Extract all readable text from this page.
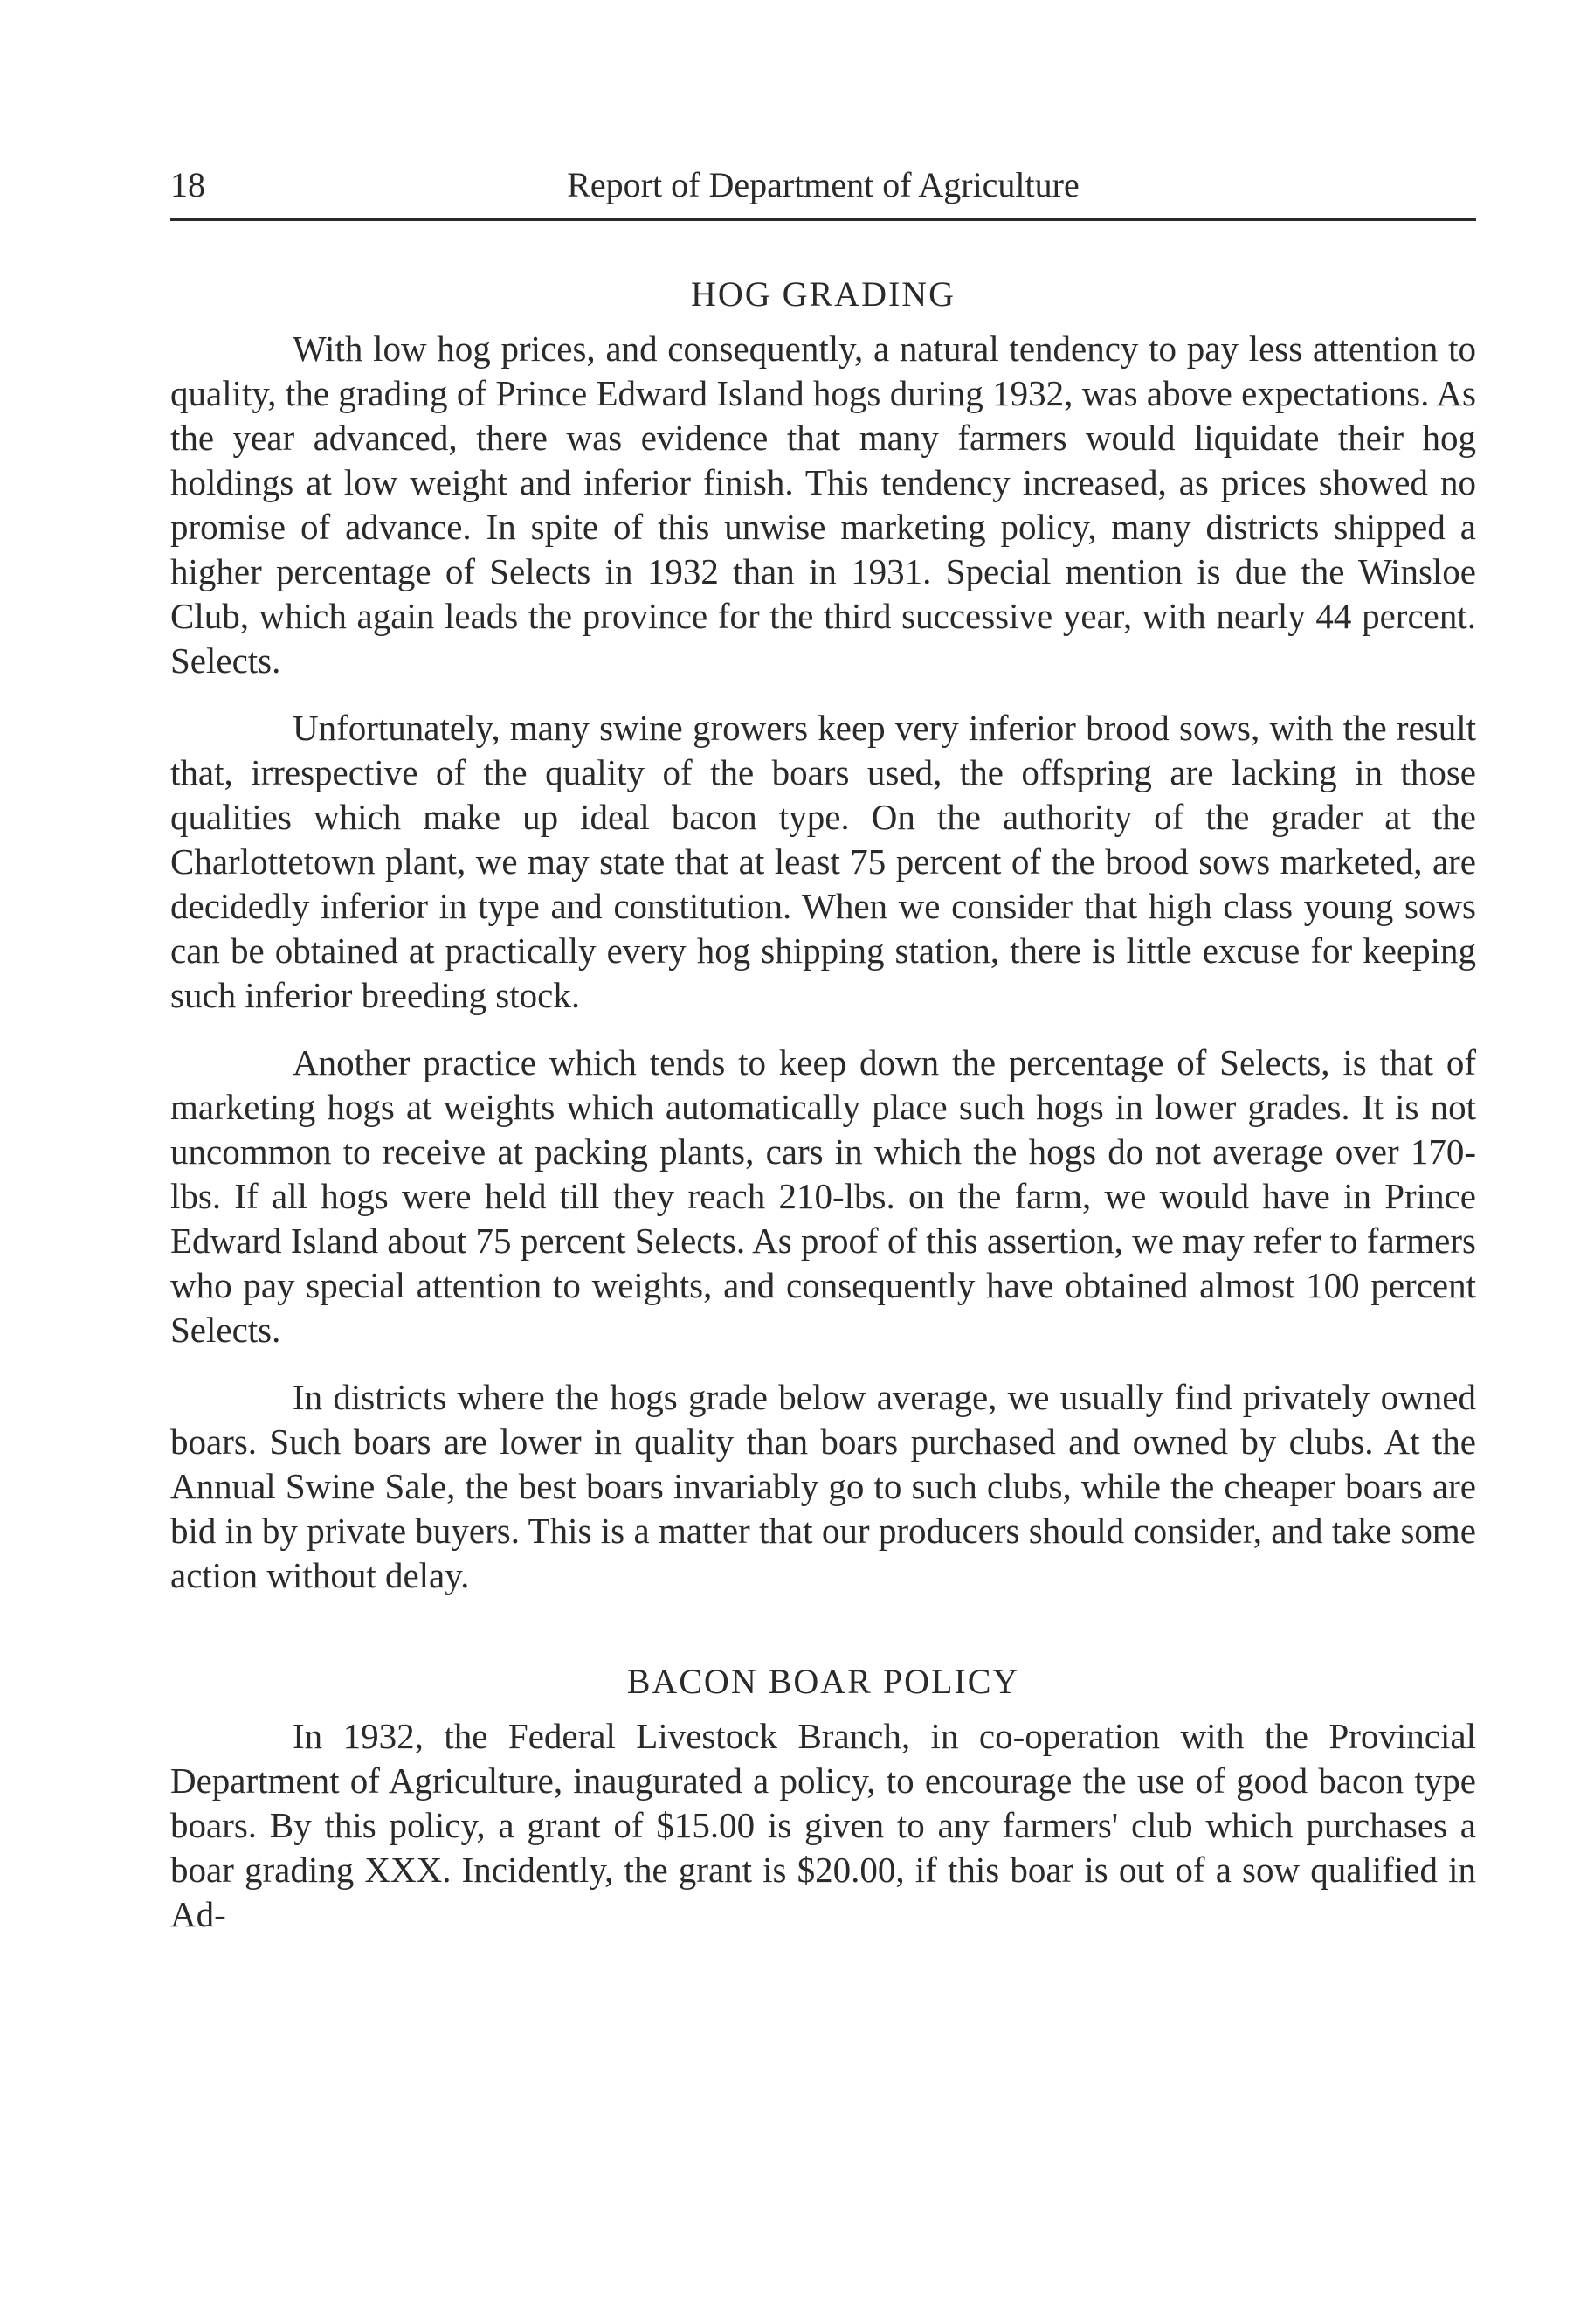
18	Report of Department of Agriculture
HOG GRADING

With low hog prices, and consequently, a natural tendency to pay less attention to quality, the grading of Prince Edward Island hogs during 1932, was above expectations. As the year advanced, there was evidence that many farmers would liquidate their hog holdings at low weight and inferior finish. This tendency increased, as prices showed no promise of advance. In spite of this unwise marketing policy, many districts shipped a higher percentage of Selects in 1932 than in 1931. Special mention is due the Winsloe Club, which again leads the province for the third successive year, with nearly 44 percent. Selects.

Unfortunately, many swine growers keep very inferior brood sows, with the result that, irrespective of the quality of the boars used, the offspring are lacking in those qualities which make up ideal bacon type. On the authority of the grader at the Charlottetown plant, we may state that at least 75 percent of the brood sows marketed, are decidedly inferior in type and constitution. When we consider that high class young sows can be obtained at practically every hog shipping station, there is little excuse for keeping such inferior breeding stock.

Another practice which tends to keep down the percentage of Selects, is that of marketing hogs at weights which automatically place such hogs in lower grades. It is not uncommon to receive at packing plants, cars in which the hogs do not average over 170-lbs. If all hogs were held till they reach 210-lbs. on the farm, we would have in Prince Edward Island about 75 percent Selects. As proof of this assertion, we may refer to farmers who pay special attention to weights, and consequently have obtained almost 100 percent Selects.

In districts where the hogs grade below average, we usually find privately owned boars. Such boars are lower in quality than boars purchased and owned by clubs. At the Annual Swine Sale, the best boars invariably go to such clubs, while the cheaper boars are bid in by private buyers. This is a matter that our producers should consider, and take some action without delay.

BACON BOAR POLICY

In 1932, the Federal Livestock Branch, in co-operation with the Provincial Department of Agriculture, inaugurated a policy, to encourage the use of good bacon type boars. By this policy, a grant of $15.00 is given to any farmers' club which purchases a boar grading XXX. Incidently, the grant is $20.00, if this boar is out of a sow qualified in Ad-
